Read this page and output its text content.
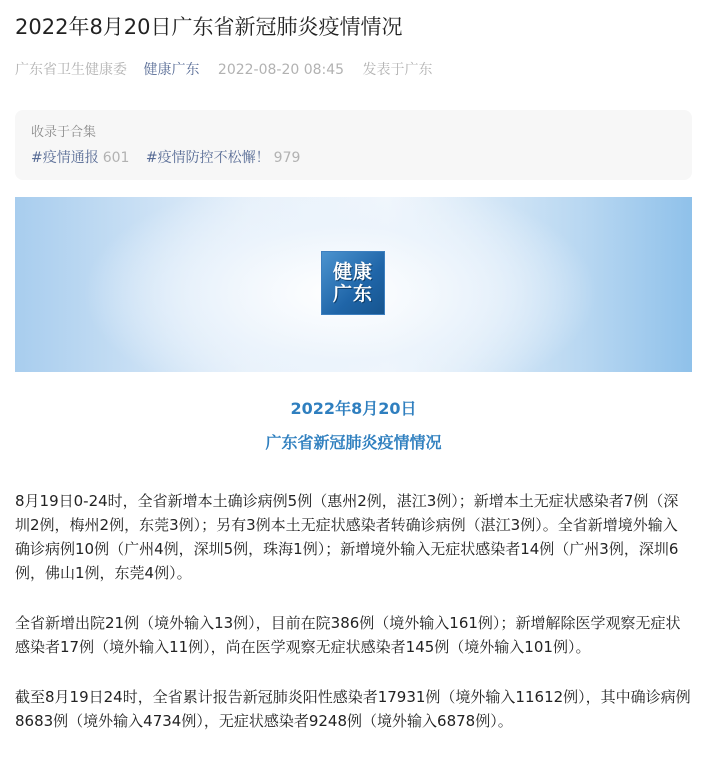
2022年8月20日广东省新冠肺炎疫情情况
广东省卫生健康委 健康广东 2022-08-20 08:45 发表于广东
收录于合集
#疫情通报 601 #疫情防控不松懈！ 979
健康
广东
2022年8月20日
广东省新冠肺炎疫情情况

8月19日0-24时，全省新增本土确诊病例5例（惠州2例，湛江3例）；新增本土无症状感染者7例（深圳2例，梅州2例，东莞3例）；另有3例本土无症状感染者转确诊病例（湛江3例）。全省新增境外输入确诊病例10例（广州4例，深圳5例，珠海1例）；新增境外输入无症状感染者14例（广州3例，深圳6例，佛山1例，东莞4例）。

全省新增出院21例（境外输入13例），目前在院386例（境外输入161例）；新增解除医学观察无症状感染者17例（境外输入11例），尚在医学观察无症状感染者145例（境外输入101例）。

截至8月19日24时，全省累计报告新冠肺炎阳性感染者17931例（境外输入11612例），其中确诊病例8683例（境外输入4734例），无症状感染者9248例（境外输入6878例）。
